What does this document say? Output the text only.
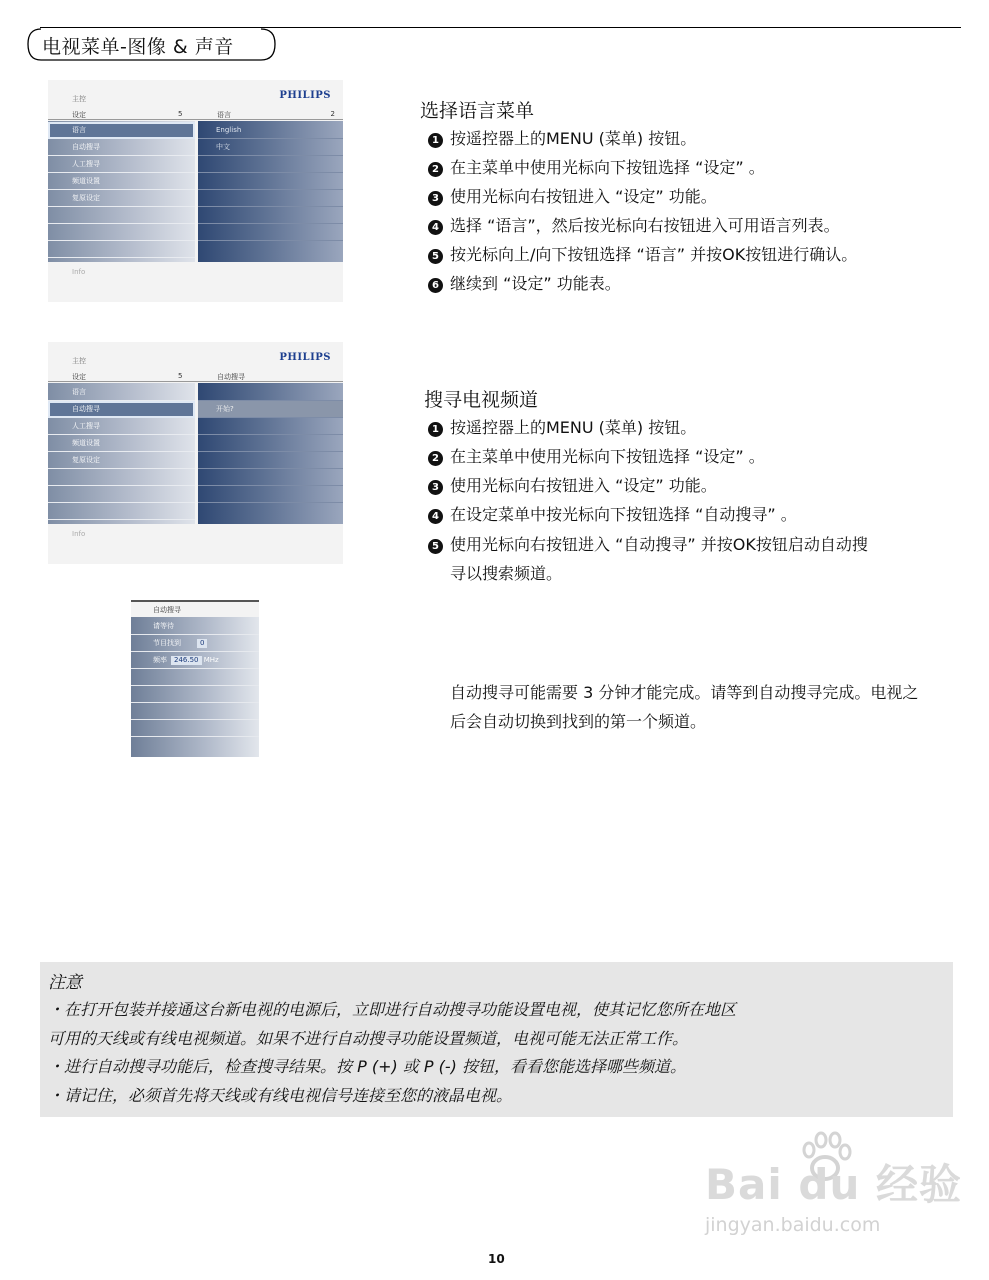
电视菜单-图像 & 声音
主控	PHILIPS
设定	5	语言	2
语言
自动搜寻
人工搜寻
频道设置
复原设定
English
中文
Info
主控	PHILIPS
设定	5	自动搜寻
语言
自动搜寻
人工搜寻
频道设置
复原设定
开始?
Info
自动搜寻
请等待
节目找到	0
频率 246.50 MHz
选择语言菜单
1 按遥控器上的MENU (菜单) 按钮。
2 在主菜单中使用光标向下按钮选择 “设定” 。
3 使用光标向右按钮进入 “设定” 功能。
4 选择 “语言”，然后按光标向右按钮进入可用语言列表。
5 按光标向上/向下按钮选择 “语言” 并按OK按钮进行确认。
6 继续到 “设定” 功能表。
搜寻电视频道
1 按遥控器上的MENU (菜单) 按钮。
2 在主菜单中使用光标向下按钮选择 “设定” 。
3 使用光标向右按钮进入 “设定” 功能。
4 在设定菜单中按光标向下按钮选择 “自动搜寻” 。
5 使用光标向右按钮进入 “自动搜寻” 并按OK按钮启动自动搜
寻以搜索频道。
自动搜寻可能需要 3 分钟才能完成。请等到自动搜寻完成。电视之
后会自动切换到找到的第一个频道。
注意
・在打开包装并接通这台新电视的电源后，立即进行自动搜寻功能设置电视，使其记忆您所在地区
可用的天线或有线电视频道。如果不进行自动搜寻功能设置频道，电视可能无法正常工作。
・进行自动搜寻功能后，检查搜寻结果。按 P (+) 或 P (-) 按钮，看看您能选择哪些频道。
・请记住，必须首先将天线或有线电视信号连接至您的液晶电视。
Bai du 经验
jingyan.baidu.com
10
